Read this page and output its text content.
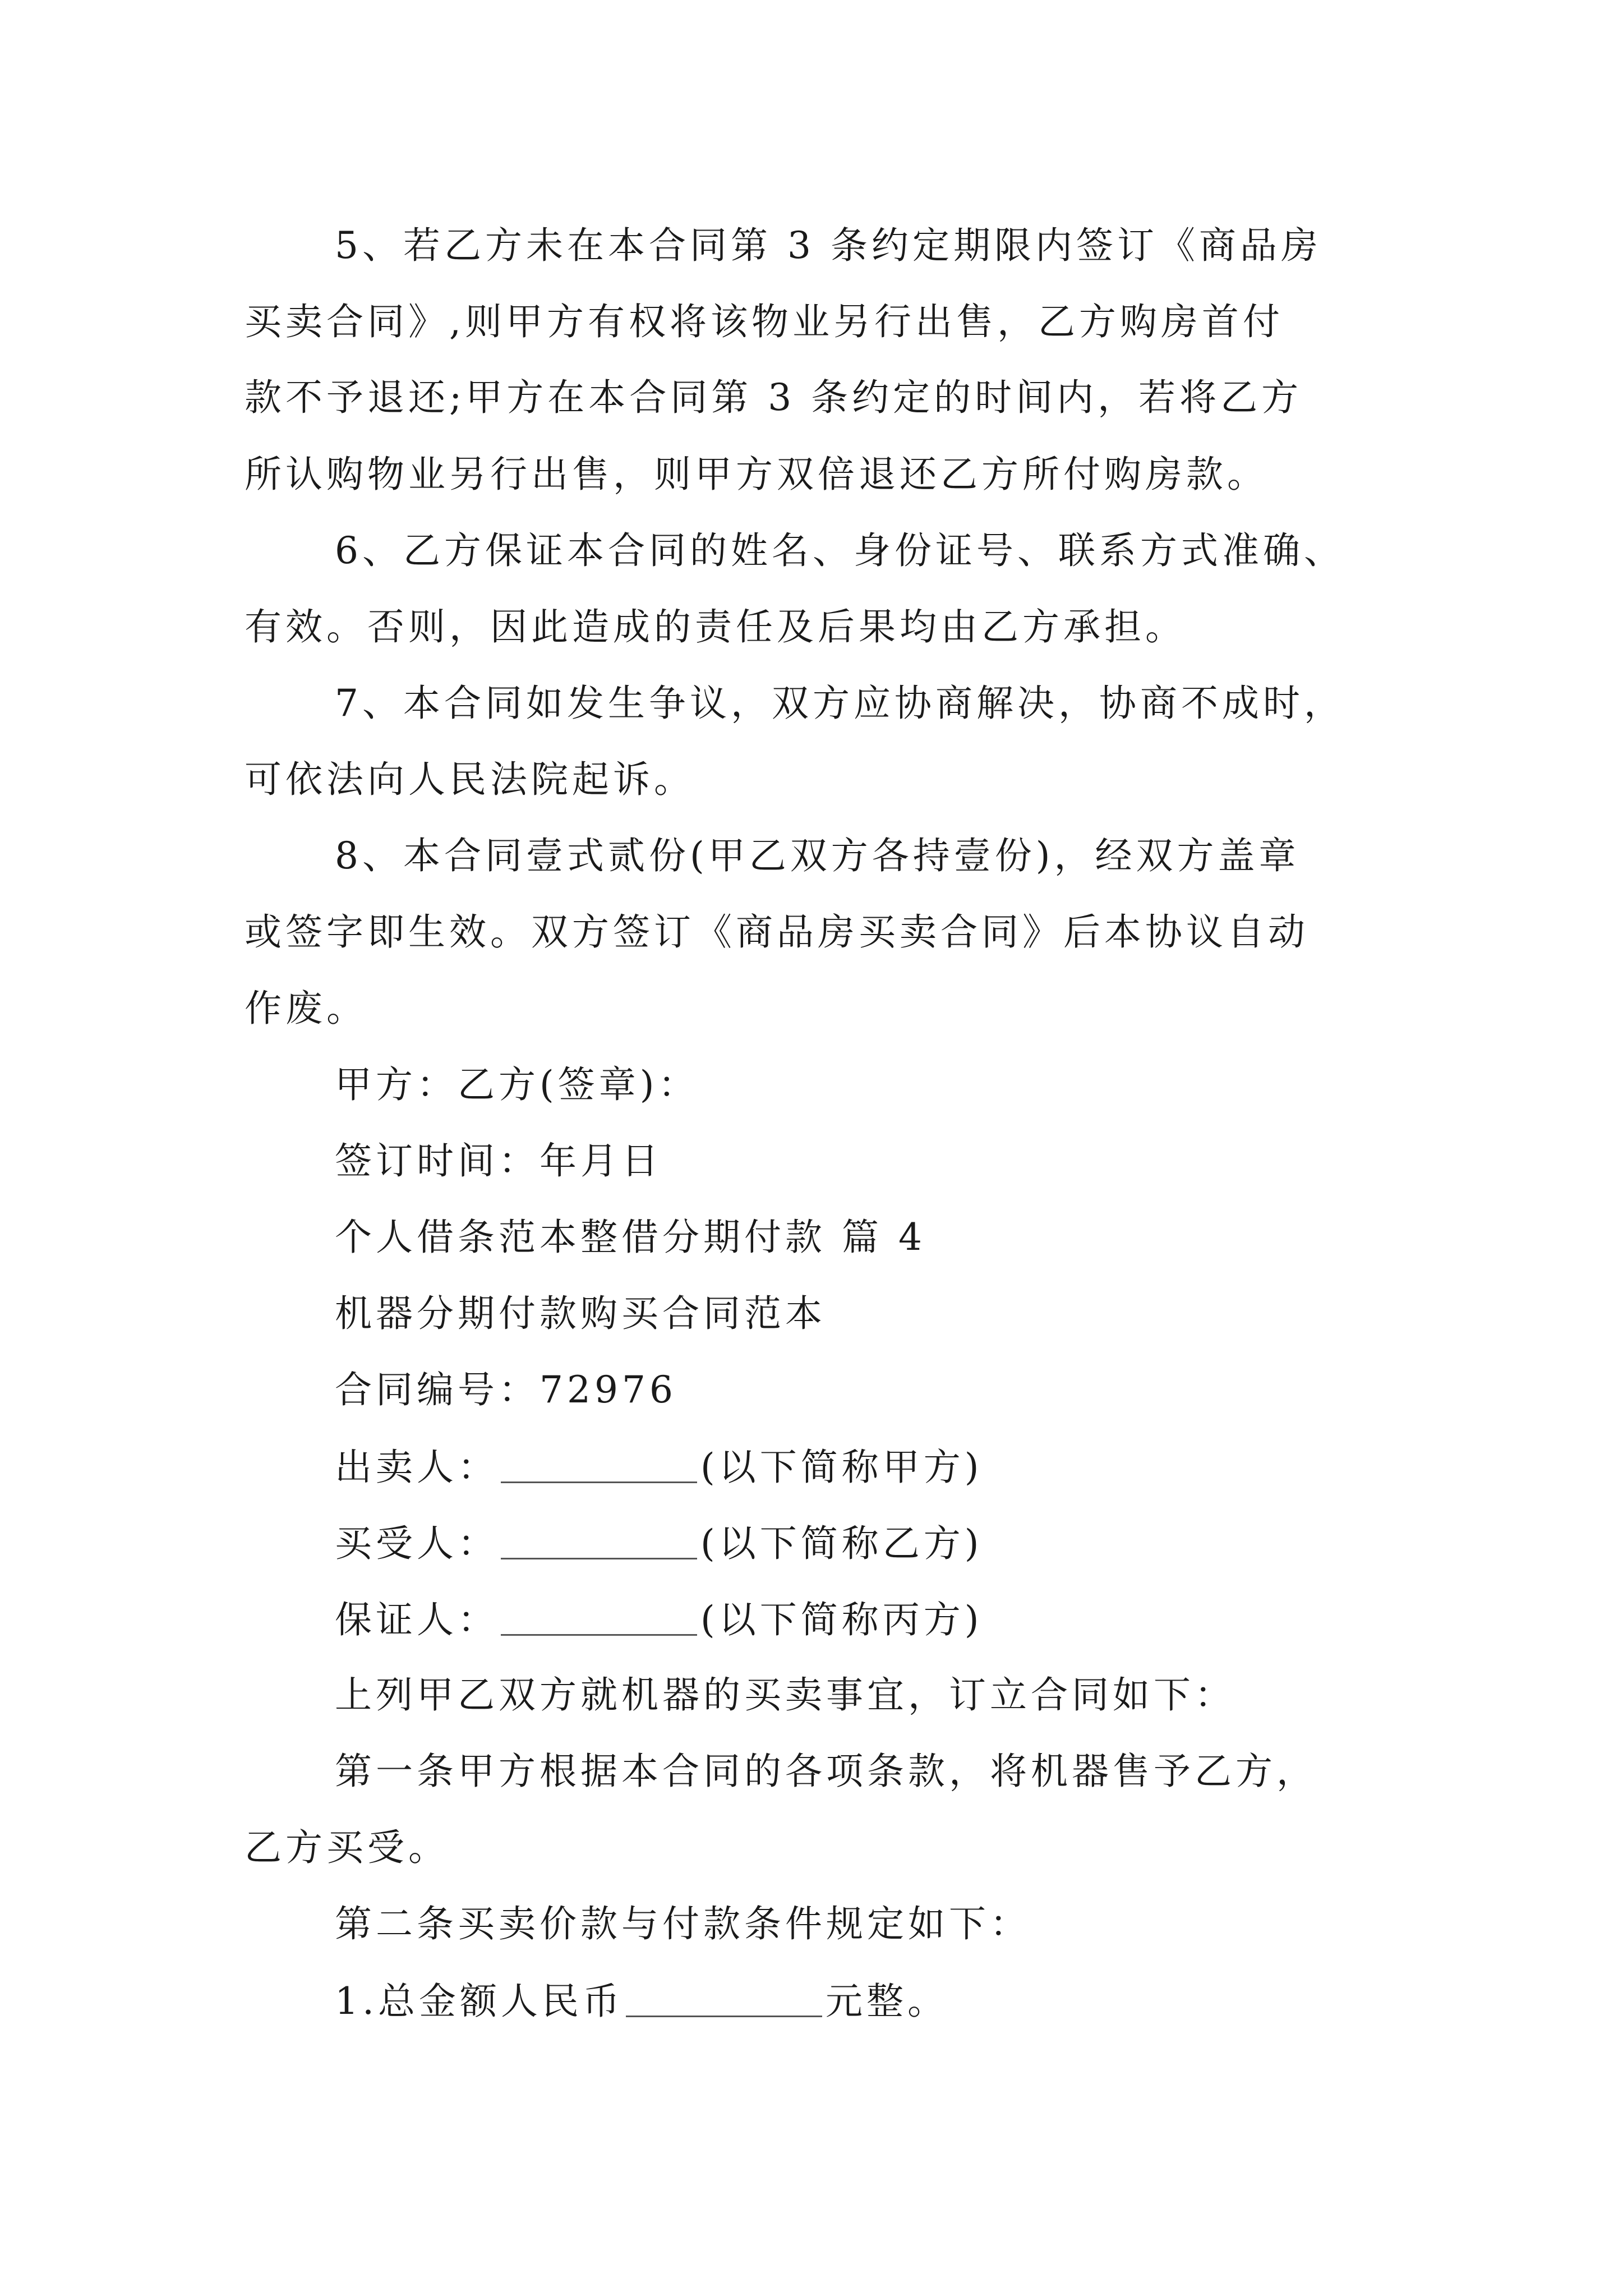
5、若乙方未在本合同第 3 条约定期限内签订《商品房
买卖合同》,则甲方有权将该物业另行出售，乙方购房首付
款不予退还;甲方在本合同第 3 条约定的时间内，若将乙方
所认购物业另行出售，则甲方双倍退还乙方所付购房款。
6、乙方保证本合同的姓名、身份证号、联系方式准确、
有效。否则，因此造成的责任及后果均由乙方承担。
7、本合同如发生争议，双方应协商解决，协商不成时，
可依法向人民法院起诉。
8、本合同壹式贰份(甲乙双方各持壹份)，经双方盖章
或签字即生效。双方签订《商品房买卖合同》后本协议自动
作废。
甲方：乙方(签章)：
签订时间：年月日
个人借条范本整借分期付款 篇 4
机器分期付款购买合同范本
合同编号：72976
出卖人：	(以下简称甲方)
买受人：	(以下简称乙方)
保证人：	(以下简称丙方)
上列甲乙双方就机器的买卖事宜，订立合同如下：
第一条甲方根据本合同的各项条款，将机器售予乙方，
乙方买受。
第二条买卖价款与付款条件规定如下：
1.总金额人民币	元整。
